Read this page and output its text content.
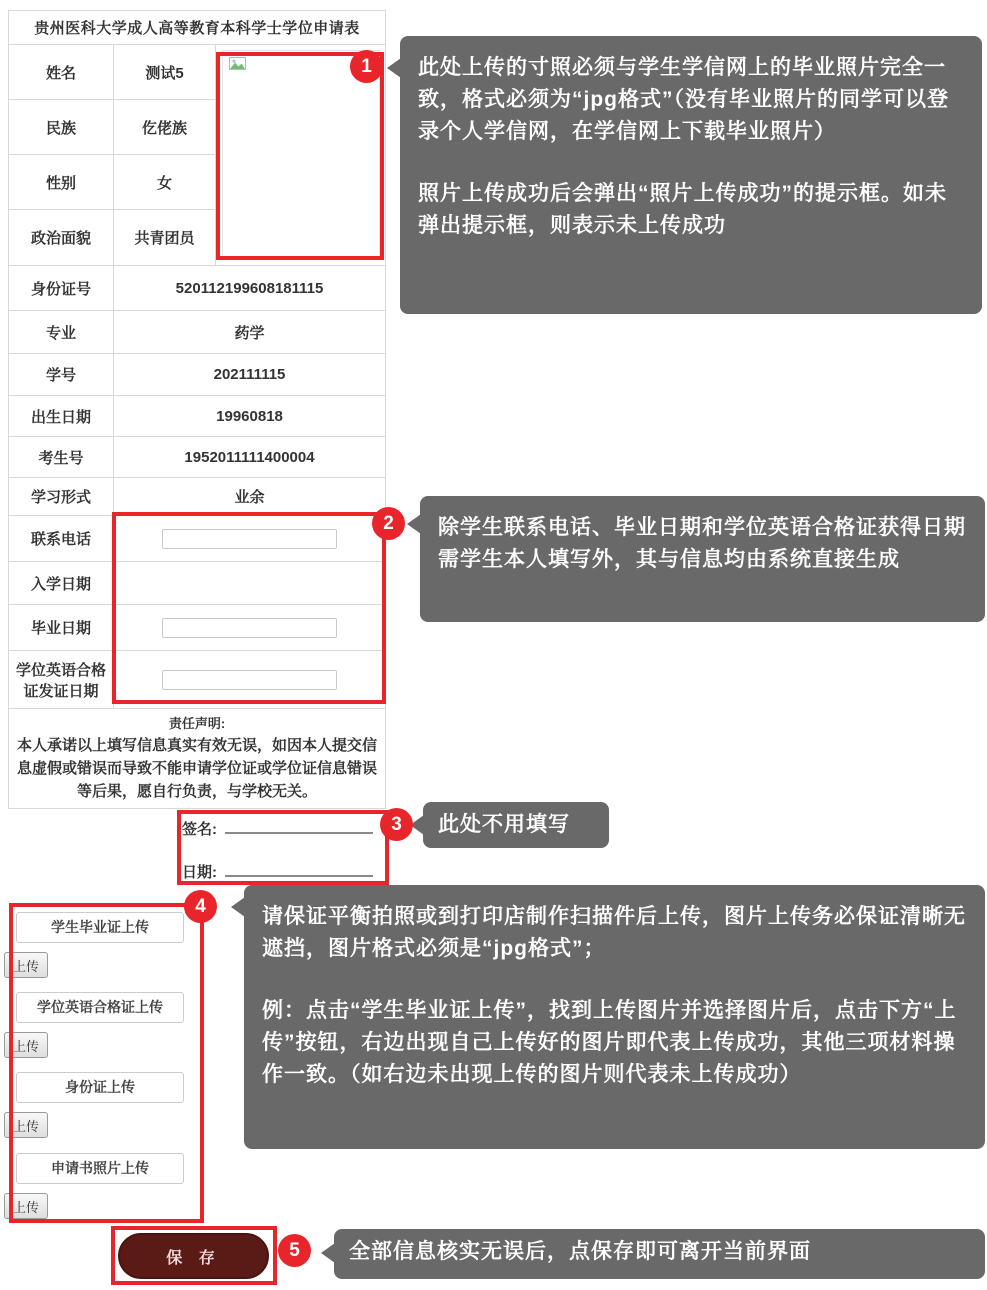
贵州医科大学成人高等教育本科学士学位申请表		
姓名	测试5	

民族	仡佬族	
性别	女	
政治面貌	共青团员	
身份证号	520112199608181115	
专业	药学	
学号	202111115	
出生日期	19960818	
考生号	1952011111400004	
学习形式	业余	
联系电话	
入学日期		
毕业日期	
学位英语合格证发证日期	

责任声明:
本人承诺以上填写信息真实有效无误，如因本人提交信息虚假或错误而导致不能申请学位证或学位证信息错误等后果，愿自行负责，与学校无关。		
签名:
日期:
学生毕业证上传
上传
学位英语合格证上传
上传
身份证上传
上传
申请书照片上传
上传
保 存
1
2
3
4
5

此处上传的寸照必须与学生学信网上的毕业照片完全一致，格式必须为“jpg格式”（没有毕业照片的同学可以登录个人学信网，在学信网上下载毕业照片）

照片上传成功后会弹出“照片上传成功”的提示框。如未弹出提示框，则表示未上传成功

除学生联系电话、毕业日期和学位英语合格证获得日期需学生本人填写外，其与信息均由系统直接生成

此处不用填写

请保证平衡拍照或到打印店制作扫描件后上传，图片上传务必保证清晰无遮挡，图片格式必须是“jpg格式”；

例：点击“学生毕业证上传”，找到上传图片并选择图片后，点击下方“上传”按钮，右边出现自己上传好的图片即代表上传成功，其他三项材料操作一致。（如右边未出现上传的图片则代表未上传成功）

全部信息核实无误后，点保存即可离开当前界面
